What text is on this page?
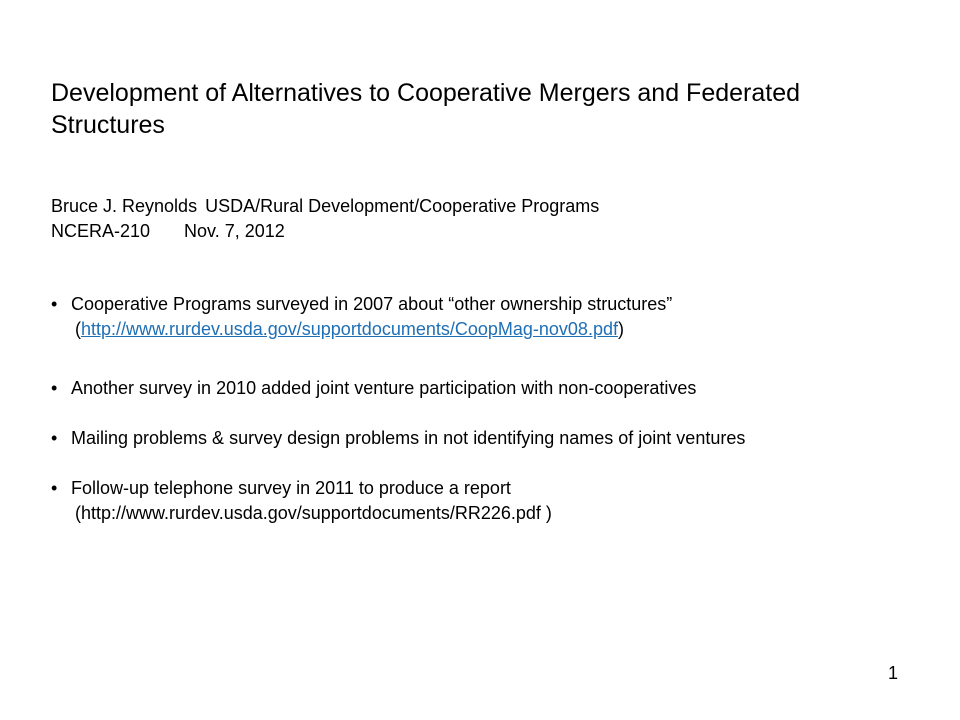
Development of Alternatives to Cooperative Mergers and Federated Structures
Bruce J. Reynolds USDA/Rural Development/Cooperative Programs
NCERA-210 Nov. 7, 2012
• Cooperative Programs surveyed in 2007 about “other ownership structures”
(http://www.rurdev.usda.gov/supportdocuments/CoopMag-nov08.pdf)
• Another survey in 2010 added joint venture participation with non-cooperatives
• Mailing problems & survey design problems in not identifying names of joint ventures
• Follow-up telephone survey in 2011 to produce a report
(http://www.rurdev.usda.gov/supportdocuments/RR226.pdf )
1
